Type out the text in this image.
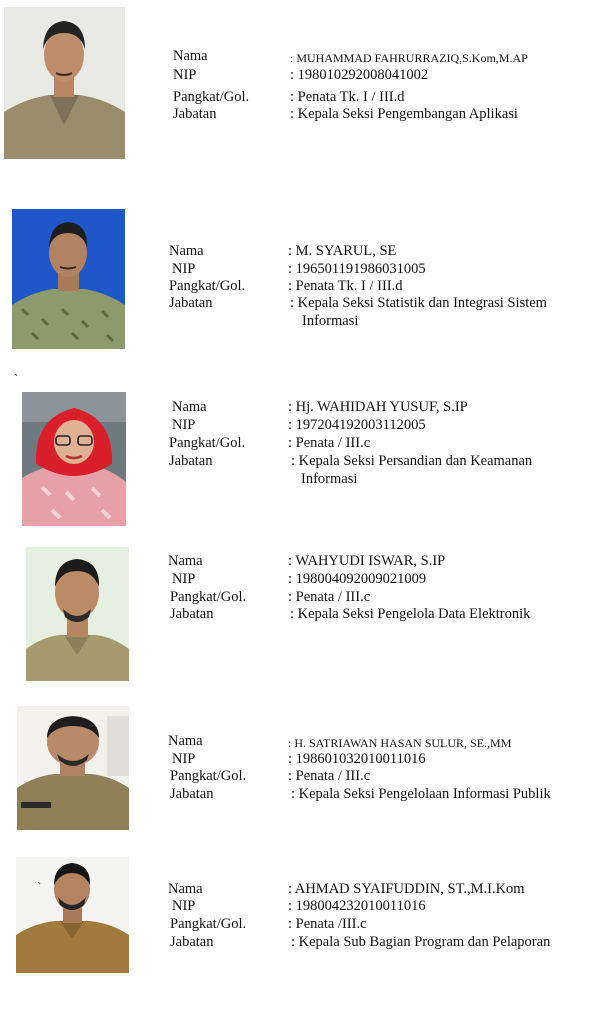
Nama
NIP
Pangkat/Gol.
Jabatan
: MUHAMMAD FAHRURRAZIQ,S.Kom,M.AP
: 198010292008041002
: Penata Tk. I / III.d
: Kepala Seksi Pengembangan Aplikasi
Nama
NIP
Pangkat/Gol.
Jabatan
: M. SYARUL, SE
: 196501191986031005
: Penata Tk. I / III.d
: Kepala Seksi Statistik dan Integrasi Sistem
Informasi
`
Nama
NIP
Pangkat/Gol.
Jabatan
: Hj. WAHIDAH YUSUF, S.IP
: 197204192003112005
: Penata / III.c
: Kepala Seksi Persandian dan Keamanan
Informasi
Nama
NIP
Pangkat/Gol.
Jabatan
: WAHYUDI ISWAR, S.IP
: 198004092009021009
: Penata / III.c
: Kepala Seksi Pengelola Data Elektronik
Nama
NIP
Pangkat/Gol.
Jabatan
: H. SATRIAWAN HASAN SULUR, SE.,MM
: 198601032010011016
: Penata / III.c
: Kepala Seksi Pengelolaan Informasi Publik
`	Nama
NIP
Pangkat/Gol.
Jabatan
: AHMAD SYAIFUDDIN, ST.,M.I.Kom
: 198004232010011016
: Penata /III.c
: Kepala Sub Bagian Program dan Pelaporan
